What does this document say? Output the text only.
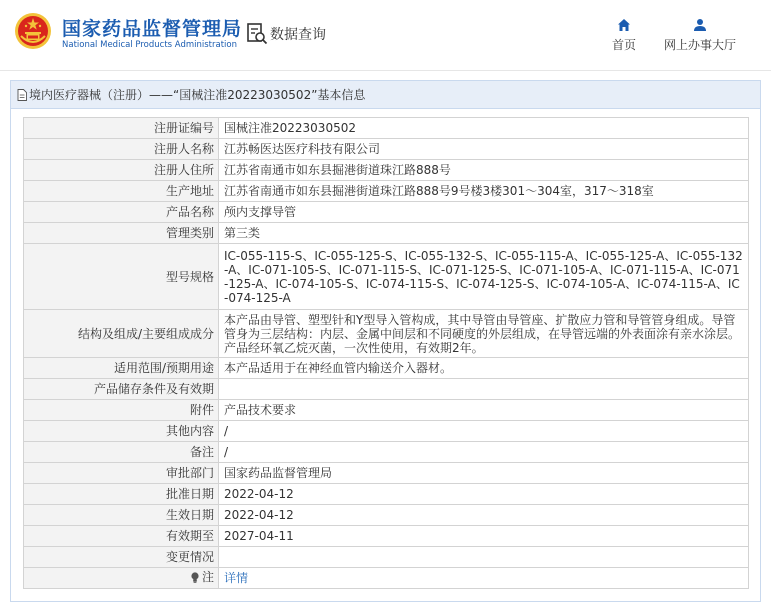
国家药品监督管理局
National Medical Products Administration
数据查询
首页	网上办事大厅
境内医疗器械（注册）——“国械注准20223030502”基本信息
注册证编号	国械注准20223030502
注册人名称	江苏畅医达医疗科技有限公司
注册人住所	江苏省南通市如东县掘港街道珠江路888号
生产地址	江苏省南通市如东县掘港街道珠江路888号9号楼3楼301～304室，317～318室
产品名称	颅内支撑导管
管理类别	第三类
型号规格	IC-055-115-S、IC-055-125-S、IC-055-132-S、IC-055-115-A、IC-055-125-A、IC-055-132-A、IC-071-105-S、IC-071-115-S、IC-071-125-S、IC-071-105-A、IC-071-115-A、IC-071-125-A、IC-074-105-S、IC-074-115-S、IC-074-125-S、IC-074-105-A、IC-074-115-A、IC-074-125-A
结构及组成/主要组成成分	本产品由导管、塑型针和Y型导入管构成，其中导管由导管座、扩散应力管和导管管身组成。导管管身为三层结构：内层、金属中间层和不同硬度的外层组成，在导管远端的外表面涂有亲水涂层。产品经环氧乙烷灭菌，一次性使用，有效期2年。
适用范围/预期用途	本产品适用于在神经血管内输送介入器材。
产品储存条件及有效期	
附件	产品技术要求
其他内容	/
备注	/
审批部门	国家药品监督管理局
批准日期	2022-04-12
生效日期	2022-04-12
有效期至	2027-04-11
变更情况	

注	详情
